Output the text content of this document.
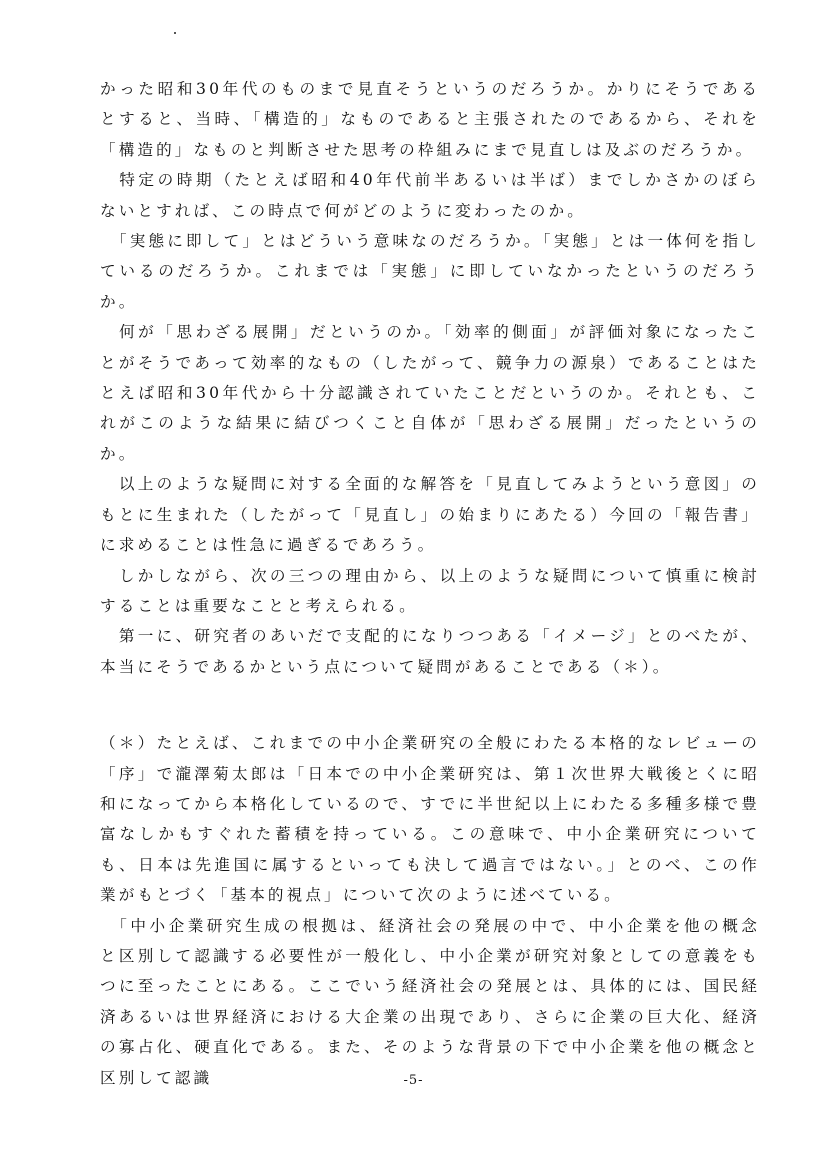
かった昭和30年代のものまで見直そうというのだろうか。かりにそうであるとすると、当時、「構造的」なものであると主張されたのであるから、それを「構造的」なものと判断させた思考の枠組みにまで見直しは及ぶのだろうか。

　特定の時期（たとえば昭和40年代前半あるいは半ば）までしかさかのぼらないとすれば、この時点で何がどのように変わったのか。

　「実態に即して」とはどういう意味なのだろうか。「実態」とは一体何を指しているのだろうか。これまでは「実態」に即していなかったというのだろうか。

　何が「思わざる展開」だというのか。「効率的側面」が評価対象になったことがそうであって効率的なもの（したがって、競争力の源泉）であることはたとえば昭和30年代から十分認識されていたことだというのか。それとも、これがこのような結果に結びつくこと自体が「思わざる展開」だったというのか。

　以上のような疑問に対する全面的な解答を「見直してみようという意図」のもとに生まれた（したがって「見直し」の始まりにあたる）今回の「報告書」に求めることは性急に過ぎるであろう。

　しかしながら、次の三つの理由から、以上のような疑問について慎重に検討することは重要なことと考えられる。

　第一に、研究者のあいだで支配的になりつつある「イメージ」とのべたが、本当にそうであるかという点について疑問があることである（＊）。

（＊）たとえば、これまでの中小企業研究の全般にわたる本格的なレビューの「序」で瀧澤菊太郎は「日本での中小企業研究は、第１次世界大戦後とくに昭和になってから本格化しているので、すでに半世紀以上にわたる多種多様で豊富なしかもすぐれた蓄積を持っている。この意味で、中小企業研究についても、日本は先進国に属するといっても決して過言ではない。」とのべ、この作業がもとづく「基本的視点」について次のように述べている。

　「中小企業研究生成の根拠は、経済社会の発展の中で、中小企業を他の概念と区別して認識する必要性が一般化し、中小企業が研究対象としての意義をもつに至ったことにある。ここでいう経済社会の発展とは、具体的には、国民経済あるいは世界経済における大企業の出現であり、さらに企業の巨大化、経済の寡占化、硬直化である。また、そのような背景の下で中小企業を他の概念と区別して認識	-5-
